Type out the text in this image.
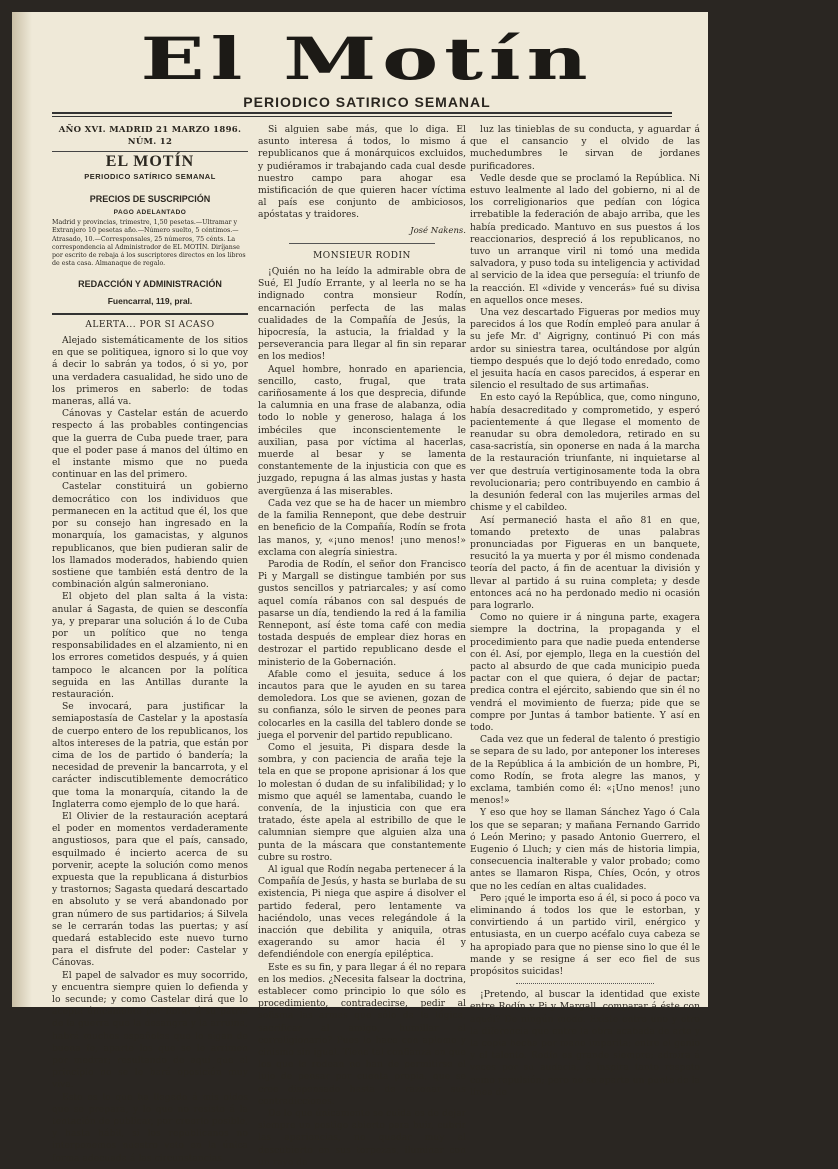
El Motín
PERIODICO SATIRICO SEMANAL
AÑO XVI. MADRID 21 MARZO 1896. NÚM. 12
EL MOTÍN
PERIODICO SATÍRICO SEMANAL
PRECIOS DE SUSCRIPCIÓN
PAGO ADELANTADO
Madrid y provincias, trimestre, 1,50 pesetas.—Ultramar y Extranjero 10 pesetas año.—Número suelto, 5 céntimos.—Atrasado, 10.—Corresponsales, 25 números, 75 cénts. La correspondencia al Administrador de EL MOTÍN. Diríjanse por escrito de rebaja á los suscriptores directos en los libros de esta casa. Almanaque de regalo.
REDACCIÓN Y ADMINISTRACIÓN
Fuencarral, 119, pral.
ALERTA... POR SI ACASO

Alejado sistemáticamente de los sitios en que se politiquea, ignoro si lo que voy á decir lo sabrán ya todos, ó si yo, por una verdadera casualidad, he sido uno de los primeros en saberlo: de todas maneras, allá va.

Cánovas y Castelar están de acuerdo respecto á las probables contingencias que la guerra de Cuba puede traer, para que el poder pase á manos del último en el instante mismo que no pueda continuar en las del primero.

Castelar constituirá un gobierno democrático con los individuos que permanecen en la actitud que él, los que por su consejo han ingresado en la monarquía, los gamacistas, y algunos republicanos, que bien pudieran salir de los llamados moderados, habiendo quien sostiene que también está dentro de la combinación algún salmeroniano.

El objeto del plan salta á la vista: anular á Sagasta, de quien se desconfía ya, y preparar una solución á lo de Cuba por un político que no tenga responsabilidades en el alzamiento, ni en los errores cometidos después, y á quien tampoco le alcancen por la política seguida en las Antillas durante la restauración.

Se invocará, para justificar la semiapostasía de Castelar y la apostasía de cuerpo entero de los republicanos, los altos intereses de la patria, que están por cima de los de partido ó bandería; la necesidad de prevenir la bancarrota, y el carácter indiscutiblemente democrático que toma la monarquía, citando la de Inglaterra como ejemplo de lo que hará.

El Olivier de la restauración aceptará el poder en momentos verdaderamente angustiosos, para que el país, cansado, esquilmado é incierto acerca de su porvenir, acepte la solución como menos expuesta que la republicana á disturbios y trastornos; Sagasta quedará descartado en absoluto y se verá abandonado por gran número de sus partidarios; á Silvela se le cerrarán todas las puertas; y así quedará establecido este nuevo turno para el disfrute del poder: Castelar y Cánovas.

El papel de salvador es muy socorrido, y encuentra siempre quien lo defienda y lo secunde; y como Castelar dirá que lo acepta únicamente por librar á su patria de la guerra que la desangra y la arruina, habrá muchos españoles que lo sigan de buena fe, aparte los que se le arrimen por medrar; resultando de aquí que al principio no se le hará oposición muy viva.

Esto es lo que ha llegado á mis oídos que se prepara, y lo que no resisto á la tentación de publicar, por creerlo posible, y hasta hábil, si los republicanos no interponemos nuestro veto en la única forma adecuada á las circunstancias.

Si alguien sabe más, que lo diga. El asunto interesa á todos, lo mismo á republicanos que á monárquicos excluidos, y pudiéramos ir trabajando cada cual desde nuestro campo para ahogar esa mistificación de que quieren hacer víctima al país ese conjunto de ambiciosos, apóstatas y traidores.

José Nakens.
MONSIEUR RODIN

¡Quién no ha leído la admirable obra de Sué, El Judío Errante, y al leerla no se ha indignado contra monsieur Rodín, encarnación perfecta de las malas cualidades de la Compañía de Jesús, la hipocresía, la astucia, la frialdad y la perseverancia para llegar al fin sin reparar en los medios!

Aquel hombre, honrado en apariencia, sencillo, casto, frugal, que trata cariñosamente á los que desprecia, difunde la calumnia en una frase de alabanza, odia todo lo noble y generoso, halaga á los imbéciles que inconscientemente le auxilian, pasa por víctima al hacerlas, muerde al besar y se lamenta constantemente de la injusticia con que es juzgado, repugna á las almas justas y hasta avergüenza á las miserables.

Cada vez que se ha de hacer un miembro de la familia Rennepont, que debe destruir en beneficio de la Compañía, Rodín se frota las manos, y, «¡uno menos! ¡uno menos!» exclama con alegría siniestra.

Parodia de Rodín, el señor don Francisco Pi y Margall se distingue también por sus gustos sencillos y patriarcales; y así como aquel comía rábanos con sal después de pasarse un día, tendiendo la red á la familia Rennepont, así éste toma café con media tostada después de emplear diez horas en destrozar el partido republicano desde el ministerio de la Gobernación.

Afable como el jesuita, seduce á los incautos para que le ayuden en su tarea demoledora. Los que se avienen, gozan de su confianza, sólo le sirven de peones para colocarles en la casilla del tablero donde se juega el porvenir del partido republicano.

Como el jesuita, Pi dispara desde la sombra, y con paciencia de araña teje la tela en que se propone aprisionar á los que lo molestan ó dudan de su infalibilidad; y lo mismo que aquél se lamentaba, cuando le convenía, de la injusticia con que era tratado, éste apela al estribillo de que le calumnian siempre que alguien alza una punta de la máscara que constantemente cubre su rostro.

Al igual que Rodín negaba pertenecer á la Compañía de Jesús, y hasta se burlaba de su existencia, Pi niega que aspire á disolver el partido federal, pero lentamente va haciéndolo, unas veces relegándole á la inacción que debilita y aniquila, otras exagerando su amor hacia él y defendiéndole con energía epiléptica.

Este es su fin, y para llegar á él no repara en los medios. ¿Necesita falsear la doctrina, establecer como principio lo que sólo es procedimiento, contradecirse, pedir al sofisma las armas que sólo da la lógica, sacrificar al amigo, humillar al correligionario? Pues lo hace con aplomo y cinismo sin igual. Tiene tal confianza en que los que le rodean no han de permitirse el lujo de pensar por cuenta propia, que se cree dispensado hasta de razonar sus contradicciones.

De lo que únicamente se cuida es de dejar siempre un postigo abierto para huir, cubrir las apariencias, no quedar muy al descubierto en sus torpezas, iluminar con un rayo de

luz las tinieblas de su conducta, y aguardar á que el cansancio y el olvido de las muchedumbres le sirvan de jordanes purificadores.

Vedle desde que se proclamó la República. Ni estuvo lealmente al lado del gobierno, ni al de los correligionarios que pedían con lógica irrebatible la federación de abajo arriba, que les había predicado. Mantuvo en sus puestos á los reaccionarios, despreció á los republicanos, no tuvo un arranque viril ni tomó una medida salvadora, y puso toda su inteligencia y actividad al servicio de la idea que perseguía: el triunfo de la reacción. El «divide y vencerás» fué su divisa en aquellos once meses.

Una vez descartado Figueras por medios muy parecidos á los que Rodín empleó para anular á su jefe Mr. d' Aigrigny, continuó Pi con más ardor su siniestra tarea, ocultándose por algún tiempo después que lo dejó todo enredado, como el jesuita hacía en casos parecidos, á esperar en silencio el resultado de sus artimañas.

En esto cayó la República, que, como ninguno, había desacreditado y comprometido, y esperó pacientemente á que llegase el momento de reanudar su obra demoledora, retirado en su casa-sacristía, sin oponerse en nada á la marcha de la restauración triunfante, ni inquietarse al ver que destruía vertiginosamente toda la obra revolucionaria; pero contribuyendo en cambio á la desunión federal con las mujeriles armas del chisme y el cabildeo.

Así permaneció hasta el año 81 en que, tomando pretexto de unas palabras pronunciadas por Figueras en un banquete, resucitó la ya muerta y por él mismo condenada teoría del pacto, á fin de acentuar la división y llevar al partido á su ruina completa; y desde entonces acá no ha perdonado medio ni ocasión para lograrlo.

Como no quiere ir á ninguna parte, exagera siempre la doctrina, la propaganda y el procedimiento para que nadie pueda entenderse con él. Así, por ejemplo, llega en la cuestión del pacto al absurdo de que cada municipio pueda pactar con el que quiera, ó dejar de pactar; predica contra el ejército, sabiendo que sin él no vendrá el movimiento de fuerza; pide que se compre por Juntas á tambor batiente. Y así en todo.

Cada vez que un federal de talento ó prestigio se separa de su lado, por anteponer los intereses de la República á la ambición de un hombre, Pi, como Rodín, se frota alegre las manos, y exclama, también como él: «¡Uno menos! ¡uno menos!»

Y eso que hoy se llaman Sánchez Yago ó Cala los que se separan; y mañana Fernando Garrido ó León Merino; y pasado Antonio Guerrero, el Eugenio ó Lluch; y cien más de historia limpia, consecuencia inalterable y valor probado; como antes se llamaron Rispa, Chíes, Ocón, y otros que no les cedían en altas cualidades.

Pero ¡qué le importa eso á él, si poco á poco va eliminando á todos los que le estorban, y convirtiendo á un partido viril, enérgico y entusiasta, en un cuerpo acéfalo cuya cabeza se ha apropiado para que no piense sino lo que él le mande y se resigne á ser eco fiel de sus propósitos suicidas!

¡Pretendo, al buscar la identidad que existe entre Rodín y Pi y Margall, comparar á éste con aquél? De ningún modo. Existe entre uno y otro la diferencia que entre la obra acabada de arte y la copia hecha por mano imperita; entre el genio y el talento. Rodín es grande siempre; admira á veces por su audacia, é inspira tanto respeto como repulsión; pero no se aparta un punto de la línea de
